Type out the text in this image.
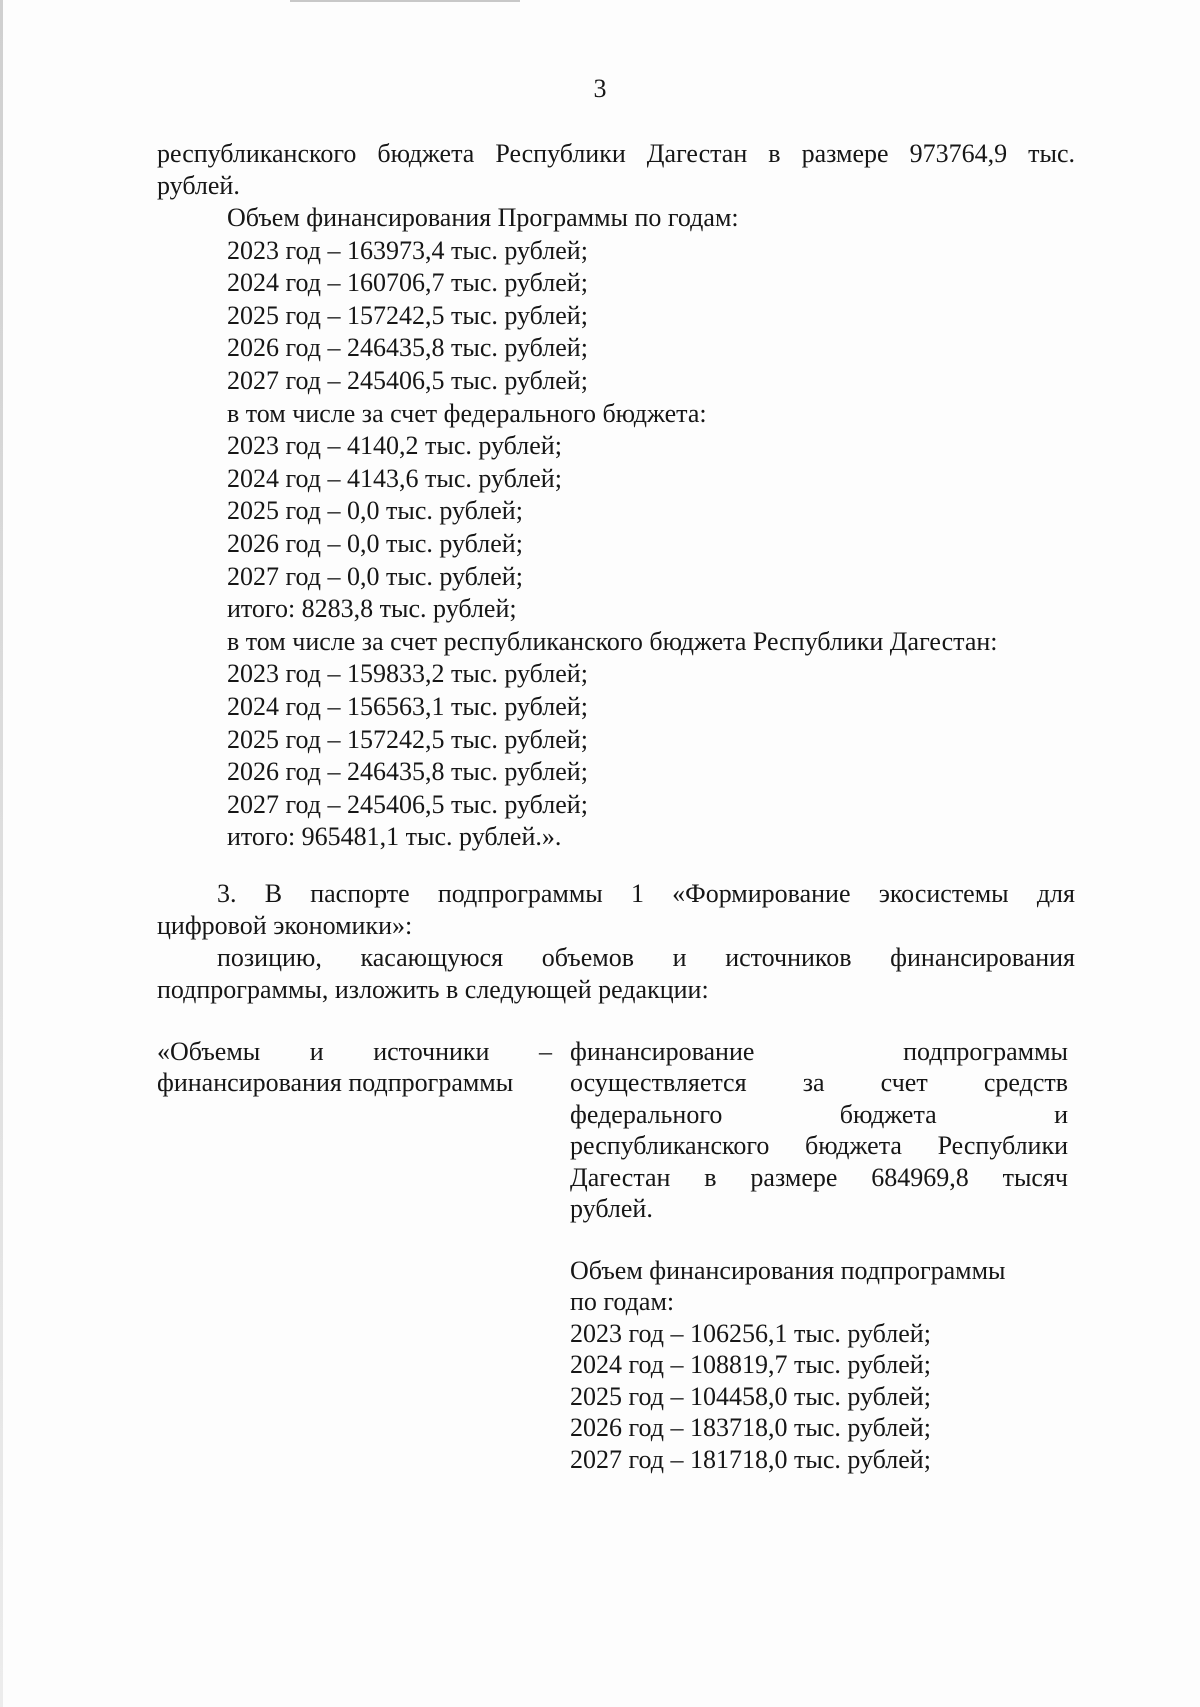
3

республиканского бюджета Республики Дагестан в размере 973764,9 тыс.

рублей.

Объем финансирования Программы по годам:

2023 год – 163973,4 тыс. рублей;

2024 год – 160706,7 тыс. рублей;

2025 год – 157242,5 тыс. рублей;

2026 год – 246435,8 тыс. рублей;

2027 год – 245406,5 тыс. рублей;

в том числе за счет федерального бюджета:

2023 год – 4140,2 тыс. рублей;

2024 год – 4143,6 тыс. рублей;

2025 год – 0,0 тыс. рублей;

2026 год – 0,0 тыс. рублей;

2027 год – 0,0 тыс. рублей;

итого: 8283,8 тыс. рублей;

в том числе за счет республиканского бюджета Республики Дагестан:

2023 год – 159833,2 тыс. рублей;

2024 год – 156563,1 тыс. рублей;

2025 год – 157242,5 тыс. рублей;

2026 год – 246435,8 тыс. рублей;

2027 год – 245406,5 тыс. рублей;

итого: 965481,1 тыс. рублей.».

3. В паспорте подпрограммы 1 «Формирование экосистемы для

цифровой экономики»:

позицию, касающуюся объемов и источников финансирования

подпрограммы, изложить в следующей редакции:

«Объемы и источники –

финансирования подпрограммы

финансирование подпрограммы

осуществляется за счет средств

федерального бюджета и

республиканского бюджета Республики

Дагестан в размере 684969,8 тысяч

рублей.

Объем финансирования подпрограммы

по годам:

2023 год – 106256,1 тыс. рублей;

2024 год – 108819,7 тыс. рублей;

2025 год – 104458,0 тыс. рублей;

2026 год – 183718,0 тыс. рублей;

2027 год – 181718,0 тыс. рублей;
